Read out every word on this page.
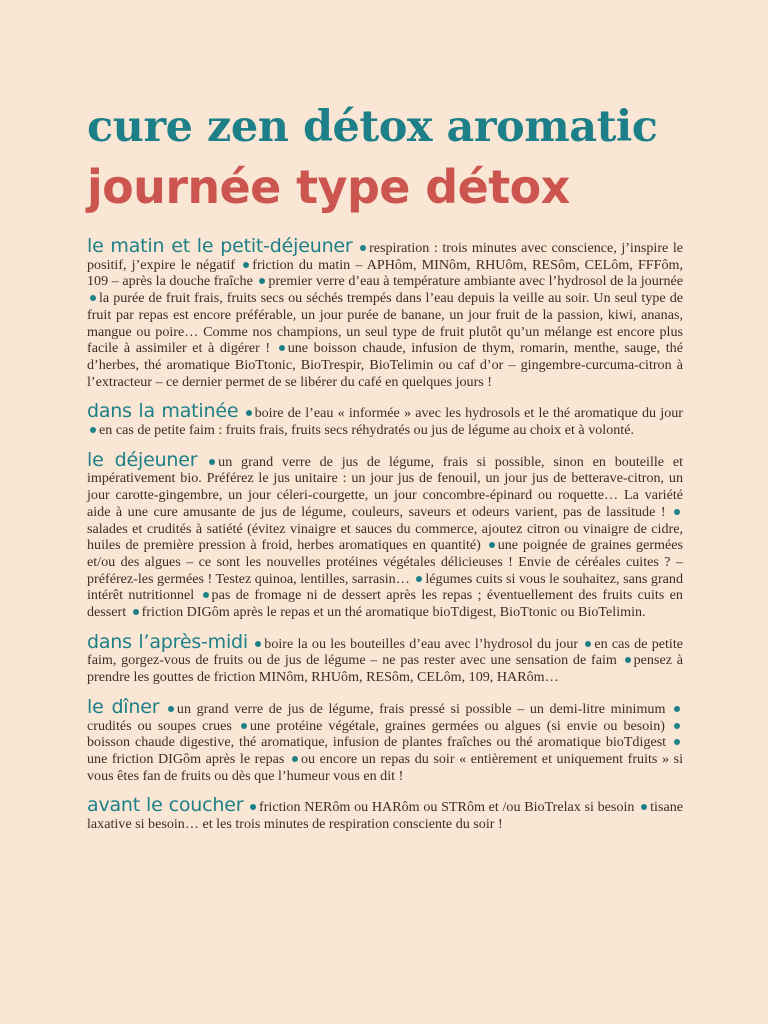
cure zen détox aromatic
journée type détox

le matin et le petit-déjeuner respiration : trois minutes avec conscience, j’inspire le positif, j’expire le négatif friction du matin – APHôm, MINôm, RHUôm, RESôm, CELôm, FFFôm, 109 – après la douche fraîche premier verre d’eau à température ambiante avec l’hydrosol de la journée la purée de fruit frais, fruits secs ou séchés trempés dans l’eau depuis la veille au soir. Un seul type de fruit par repas est encore préférable, un jour purée de banane, un jour fruit de la passion, kiwi, ananas, mangue ou poire… Comme nos champions, un seul type de fruit plutôt qu’un mélange est encore plus facile à assimiler et à digérer ! une boisson chaude, infusion de thym, romarin, menthe, sauge, thé d’herbes, thé aromatique BioTtonic, BioTrespir, BioTelimin ou caf d’or – gingembre-curcuma-citron à l’extracteur – ce dernier permet de se libérer du café en quelques jours !

dans la matinée boire de l’eau « informée » avec les hydrosols et le thé aromatique du jour en cas de petite faim : fruits frais, fruits secs réhydratés ou jus de légume au choix et à volonté.

le déjeuner un grand verre de jus de légume, frais si possible, sinon en bouteille et impérativement bio. Préférez le jus unitaire : un jour jus de fenouil, un jour jus de betterave-citron, un jour carotte-gingembre, un jour céleri-courgette, un jour concombre-épinard ou roquette… La variété aide à une cure amusante de jus de légume, couleurs, saveurs et odeurs varient, pas de lassitude ! salades et crudités à satiété (évitez vinaigre et sauces du commerce, ajoutez citron ou vinaigre de cidre, huiles de première pression à froid, herbes aromatiques en quantité) une poignée de graines germées et/ou des algues – ce sont les nouvelles protéines végétales délicieuses ! Envie de céréales cuites ? – préférez-les germées ! Testez quinoa, lentilles, sarrasin… légumes cuits si vous le souhaitez, sans grand intérêt nutritionnel pas de fromage ni de dessert après les repas ; éventuellement des fruits cuits en dessert friction DIGôm après le repas et un thé aromatique bioTdigest, BioTtonic ou BioTelimin.

dans l’après-midi boire la ou les bouteilles d’eau avec l’hydrosol du jour en cas de petite faim, gorgez-vous de fruits ou de jus de légume – ne pas rester avec une sensation de faim pensez à prendre les gouttes de friction MINôm, RHUôm, RESôm, CELôm, 109, HARôm…

le dîner un grand verre de jus de légume, frais pressé si possible – un demi-litre minimum crudités ou soupes crues une protéine végétale, graines germées ou algues (si envie ou besoin) boisson chaude digestive, thé aromatique, infusion de plantes fraîches ou thé aromatique bioTdigest une friction DIGôm après le repas ou encore un repas du soir « entièrement et uniquement fruits » si vous êtes fan de fruits ou dès que l’humeur vous en dit !

avant le coucher friction NERôm ou HARôm ou STRôm et /ou BioTrelax si besoin tisane laxative si besoin… et les trois minutes de respiration consciente du soir !
